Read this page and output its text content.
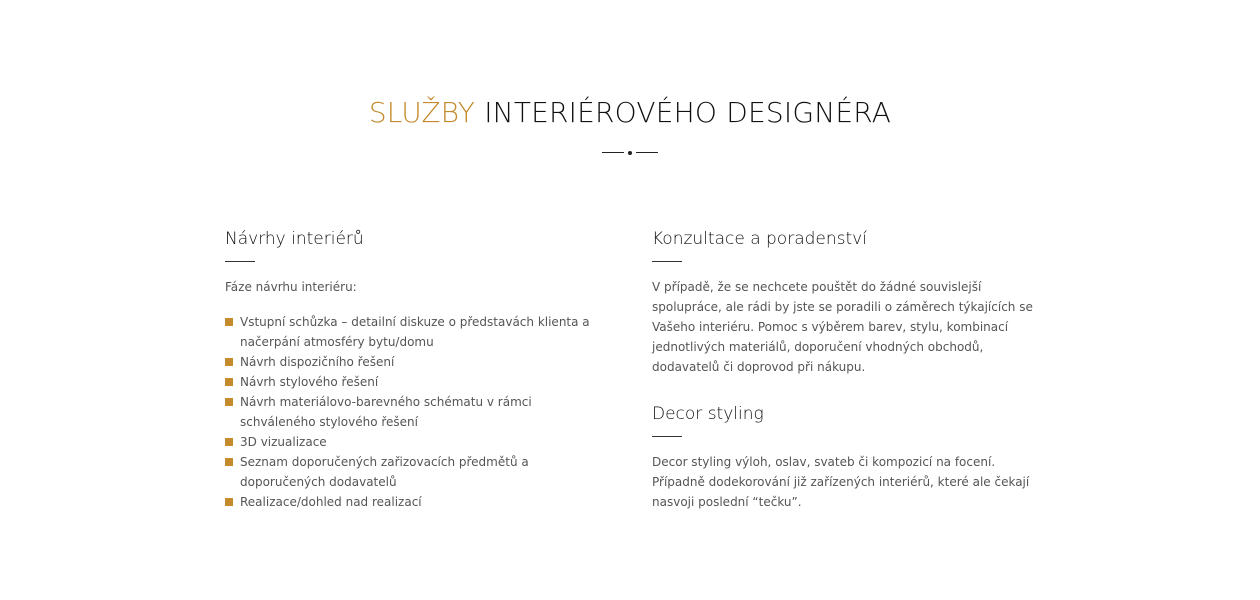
SLUŽBY INTERIÉROVÉHO DESIGNÉRA
Návrhy interiérů

Fáze návrhu interiéru:

Vstupní schůzka – detailní diskuze o představách klienta a načerpání atmosféry bytu/domu
Návrh dispozičního řešení
Návrh stylového řešení
Návrh materiálovo-barevného schématu v rámci schváleného stylového řešení
3D vizualizace
Seznam doporučených zařizovacích předmětů a doporučených dodavatelů
Realizace/dohled nad realizací
Konzultace a poradenství

V případě, že se nechcete pouštět do žádné souvislejší spolupráce, ale rádi by jste se poradili o záměrech týkajících se Vašeho interiéru. Pomoc s výběrem barev, stylu, kombinací jednotlivých materiálů, doporučení vhodných obchodů, dodavatelů či doprovod při nákupu.

Decor styling

Decor styling výloh, oslav, svateb či kompozicí na focení. Případně dodekorování již zařízených interiérů, které ale čekají nasvoji poslední “tečku”.
